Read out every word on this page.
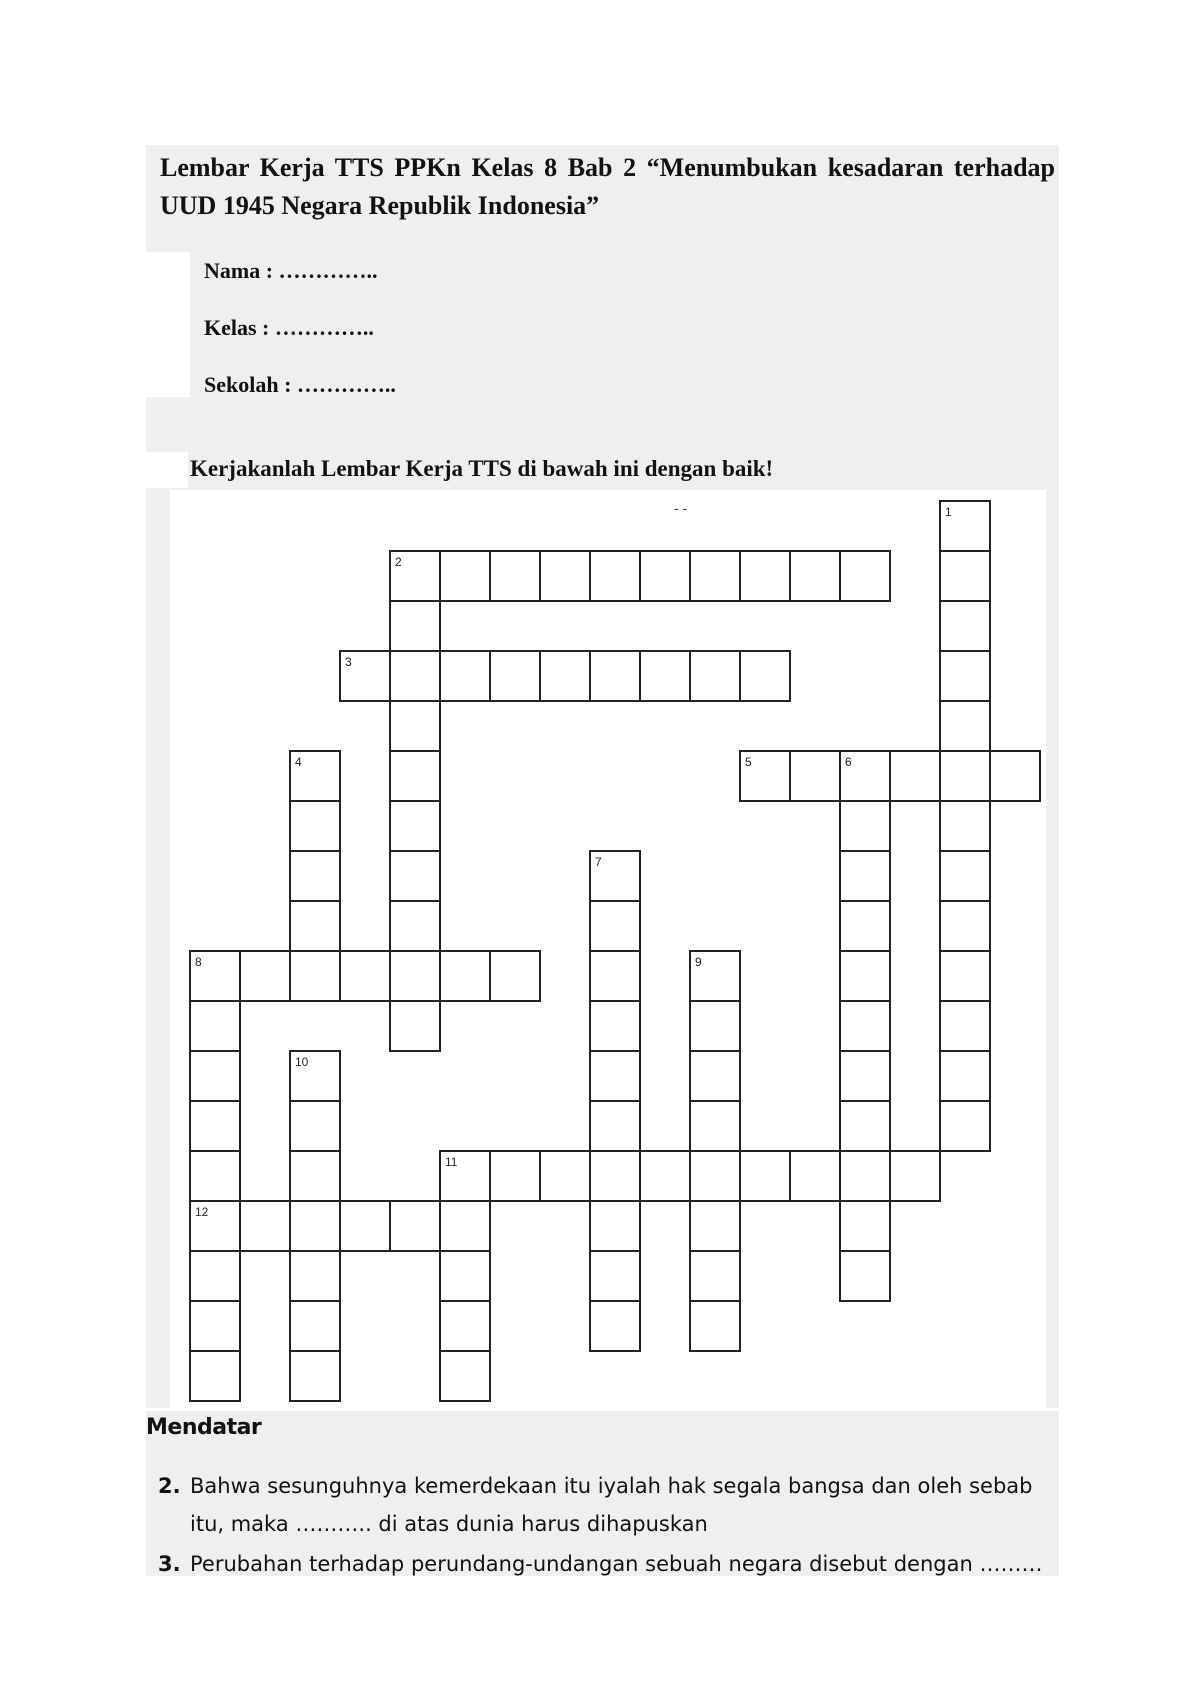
Lembar Kerja TTS PPKn Kelas 8 Bab 2 “Menumbukan kesadaran terhadap UUD 1945 Negara Republik Indonesia”
Nama : …………..
Kelas : …………..
Sekolah : …………..
Kerjakanlah Lembar Kerja TTS di bawah ini dengan baik!
1
2
3
4	5	6
7
8	9
10
11
12
- -
Mendatar
2. Bahwa sesunguhnya kemerdekaan itu iyalah hak segala bangsa dan oleh sebab itu, maka ……….. di atas dunia harus dihapuskan
3. Perubahan terhadap perundang-undangan sebuah negara disebut dengan ………
